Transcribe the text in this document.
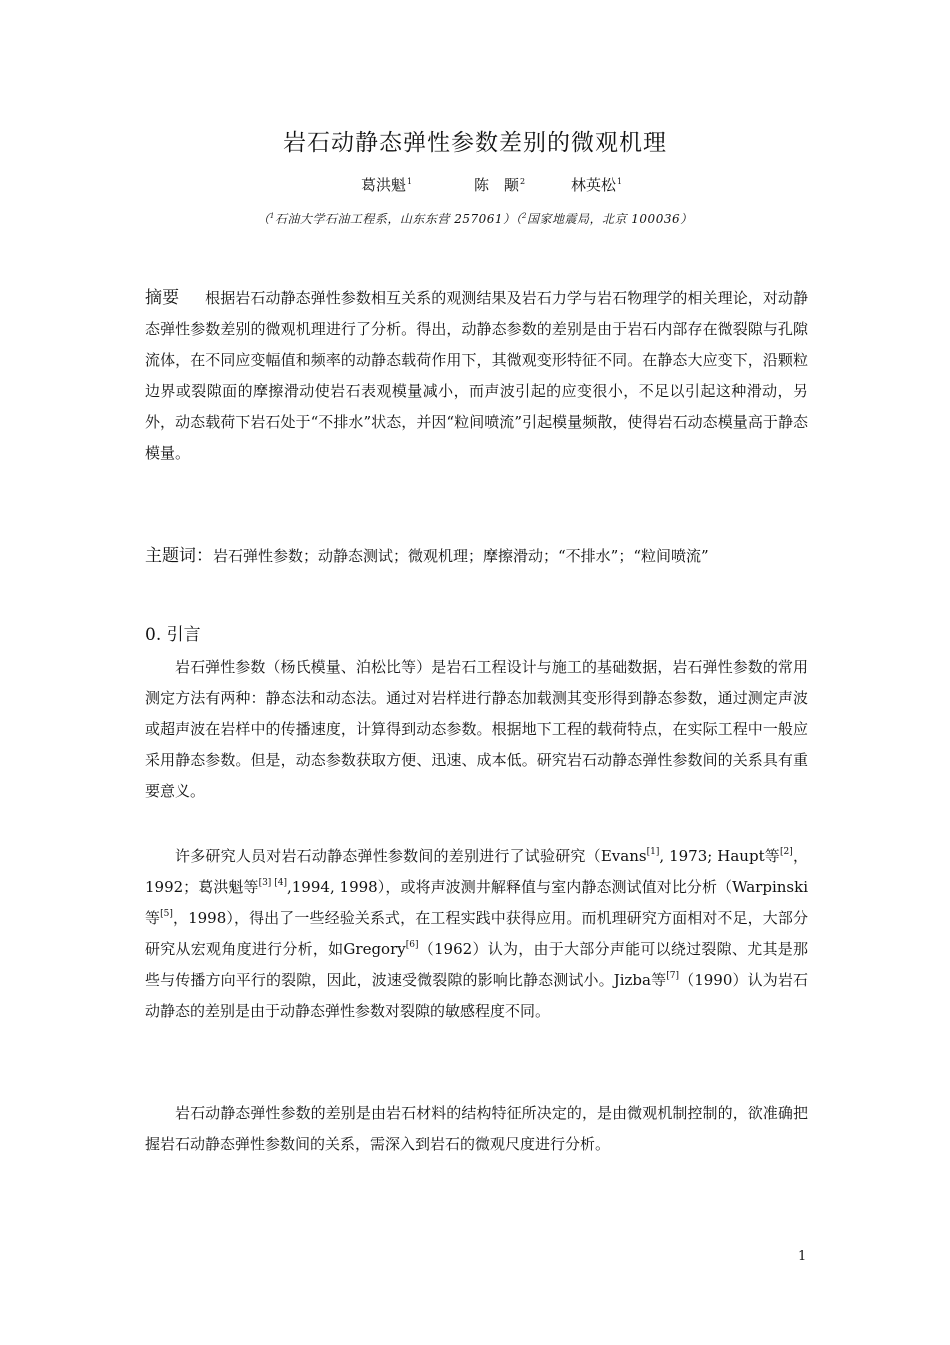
岩石动静态弹性参数差别的微观机理
葛洪魁$^1$	陈　颙$^2$	林英松$^1$
（$^1$石油大学石油工程系，山东东营 257061）（$^2$国家地震局，北京 100036）

摘要 根据岩石动静态弹性参数相互关系的观测结果及岩石力学与岩石物理学的相关理论，对动静态弹性参数差别的微观机理进行了分析。得出，动静态参数的差别是由于岩石内部存在微裂隙与孔隙流体，在不同应变幅值和频率的动静态载荷作用下，其微观变形特征不同。在静态大应变下，沿颗粒边界或裂隙面的摩擦滑动使岩石表观模量减小，而声波引起的应变很小，不足以引起这种滑动，另外，动态载荷下岩石处于“不排水”状态，并因“粒间喷流”引起模量频散，使得岩石动态模量高于静态模量。

主题词：岩石弹性参数；动静态测试；微观机理；摩擦滑动；“不排水”；“粒间喷流”

0. 引言

岩石弹性参数（杨氏模量、泊松比等）是岩石工程设计与施工的基础数据，岩石弹性参数的常用测定方法有两种：静态法和动态法。通过对岩样进行静态加载测其变形得到静态参数，通过测定声波或超声波在岩样中的传播速度，计算得到动态参数。根据地下工程的载荷特点，在实际工程中一般应采用静态参数。但是，动态参数获取方便、迅速、成本低。研究岩石动静态弹性参数间的关系具有重要意义。

许多研究人员对岩石动静态弹性参数间的差别进行了试验研究（Evans[1], 1973; Haupt等[2]，1992；葛洪魁等[3] [4],1994, 1998），或将声波测井解释值与室内静态测试值对比分析（Warpinski等[5]，1998），得出了一些经验关系式，在工程实践中获得应用。而机理研究方面相对不足，大部分研究从宏观角度进行分析，如Gregory[6]（1962）认为，由于大部分声能可以绕过裂隙、尤其是那些与传播方向平行的裂隙，因此，波速受微裂隙的影响比静态测试小。Jizba等[7]（1990）认为岩石动静态的差别是由于动静态弹性参数对裂隙的敏感程度不同。

岩石动静态弹性参数的差别是由岩石材料的结构特征所决定的，是由微观机制控制的，欲准确把握岩石动静态弹性参数间的关系，需深入到岩石的微观尺度进行分析。

1
